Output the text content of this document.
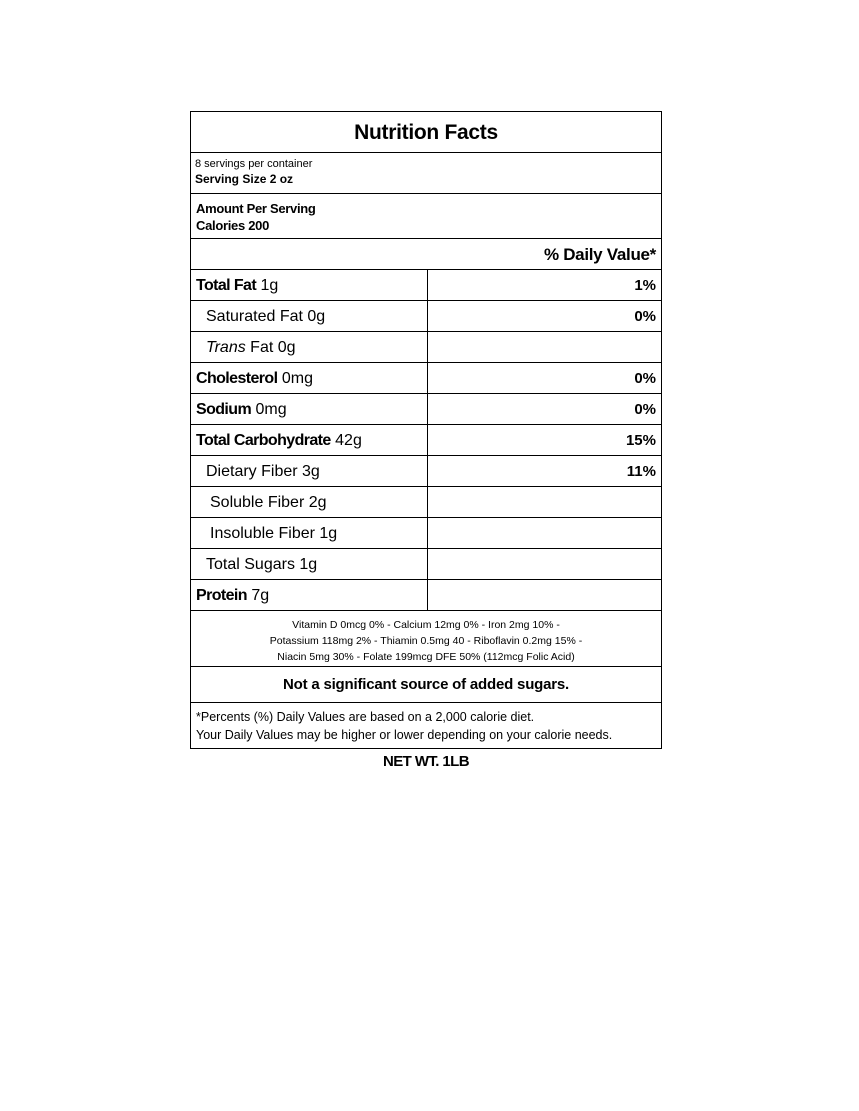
Nutrition Facts
8 servings per container
Serving Size 2 oz
Amount Per Serving
Calories 200
% Daily Value*
Total Fat 1g	1%
Saturated Fat 0g	0%
Trans Fat 0g
Cholesterol 0mg	0%
Sodium 0mg	0%
Total Carbohydrate 42g	15%
Dietary Fiber 3g	11%
Soluble Fiber 2g
Insoluble Fiber 1g
Total Sugars 1g
Protein 7g
Vitamin D 0mcg 0% - Calcium 12mg 0% - Iron 2mg 10% -
Potassium 118mg 2% - Thiamin 0.5mg 40 - Riboflavin 0.2mg 15% -
Niacin 5mg 30% - Folate 199mcg DFE 50% (112mcg Folic Acid)
Not a significant source of added sugars.
*Percents (%) Daily Values are based on a 2,000 calorie diet.
Your Daily Values may be higher or lower depending on your calorie needs.
NET WT. 1LB
